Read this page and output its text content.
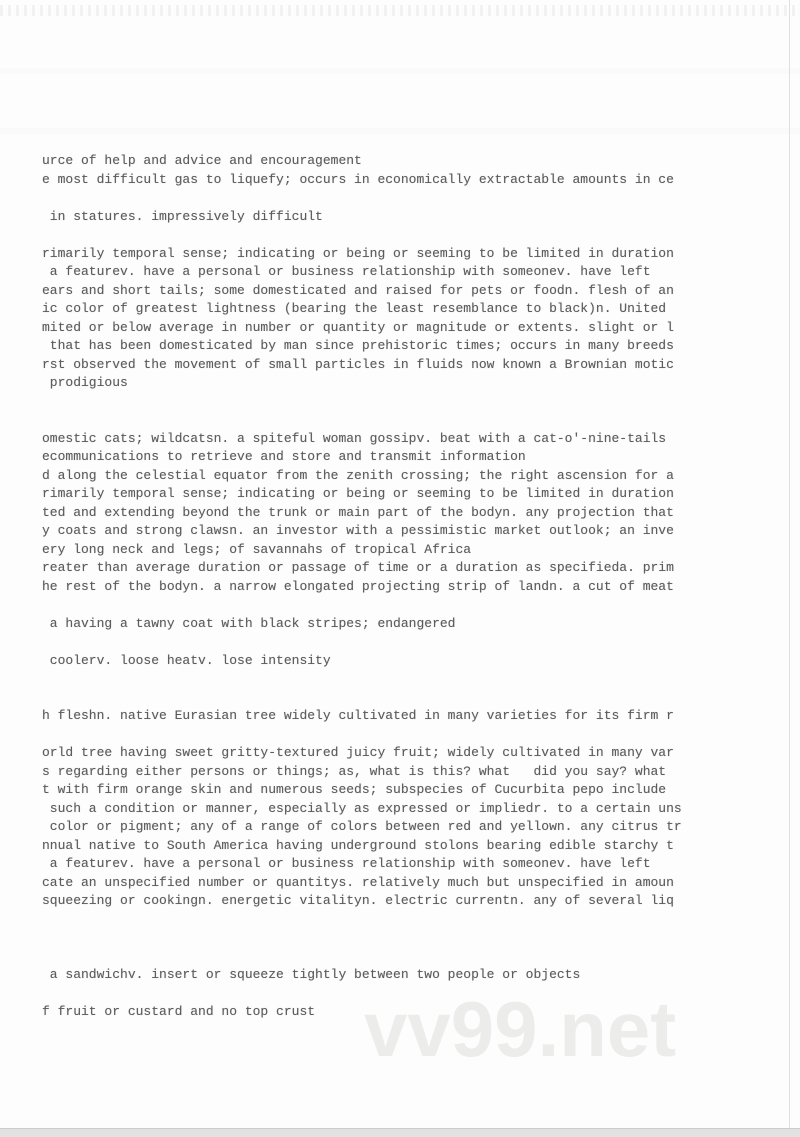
vv99.net
urce of help and advice and encouragement
e most difficult gas to liquefy; occurs in economically extractable amounts in ce

in statures. impressively difficult

rimarily temporal sense; indicating or being or seeming to be limited in duration
a featurev. have a personal or business relationship with someonev. have left
ears and short tails; some domesticated and raised for pets or foodn. flesh of an
ic color of greatest lightness (bearing the least resemblance to black)n. United
mited or below average in number or quantity or magnitude or extents. slight or l
that has been domesticated by man since prehistoric times; occurs in many breeds
rst observed the movement of small particles in fluids now known a Brownian motic
prodigious

omestic cats; wildcatsn. a spiteful woman gossipv. beat with a cat-o'-nine-tails
ecommunications to retrieve and store and transmit information
d along the celestial equator from the zenith crossing; the right ascension for a
rimarily temporal sense; indicating or being or seeming to be limited in duration
ted and extending beyond the trunk or main part of the bodyn. any projection that
y coats and strong clawsn. an investor with a pessimistic market outlook; an inve
ery long neck and legs; of savannahs of tropical Africa
reater than average duration or passage of time or a duration as specifieda. prim
he rest of the bodyn. a narrow elongated projecting strip of landn. a cut of meat

a having a tawny coat with black stripes; endangered

coolerv. loose heatv. lose intensity

h fleshn. native Eurasian tree widely cultivated in many varieties for its firm r

orld tree having sweet gritty-textured juicy fruit; widely cultivated in many var
s regarding either persons or things; as, what is this? what   did you say? what
t with firm orange skin and numerous seeds; subspecies of Cucurbita pepo include
such a condition or manner, especially as expressed or impliedr. to a certain uns
color or pigment; any of a range of colors between red and yellown. any citrus tr
nnual native to South America having underground stolons bearing edible starchy t
a featurev. have a personal or business relationship with someonev. have left
cate an unspecified number or quantitys. relatively much but unspecified in amoun
squeezing or cookingn. energetic vitalityn. electric currentn. any of several liq

a sandwichv. insert or squeeze tightly between two people or objects

f fruit or custard and no top crust
